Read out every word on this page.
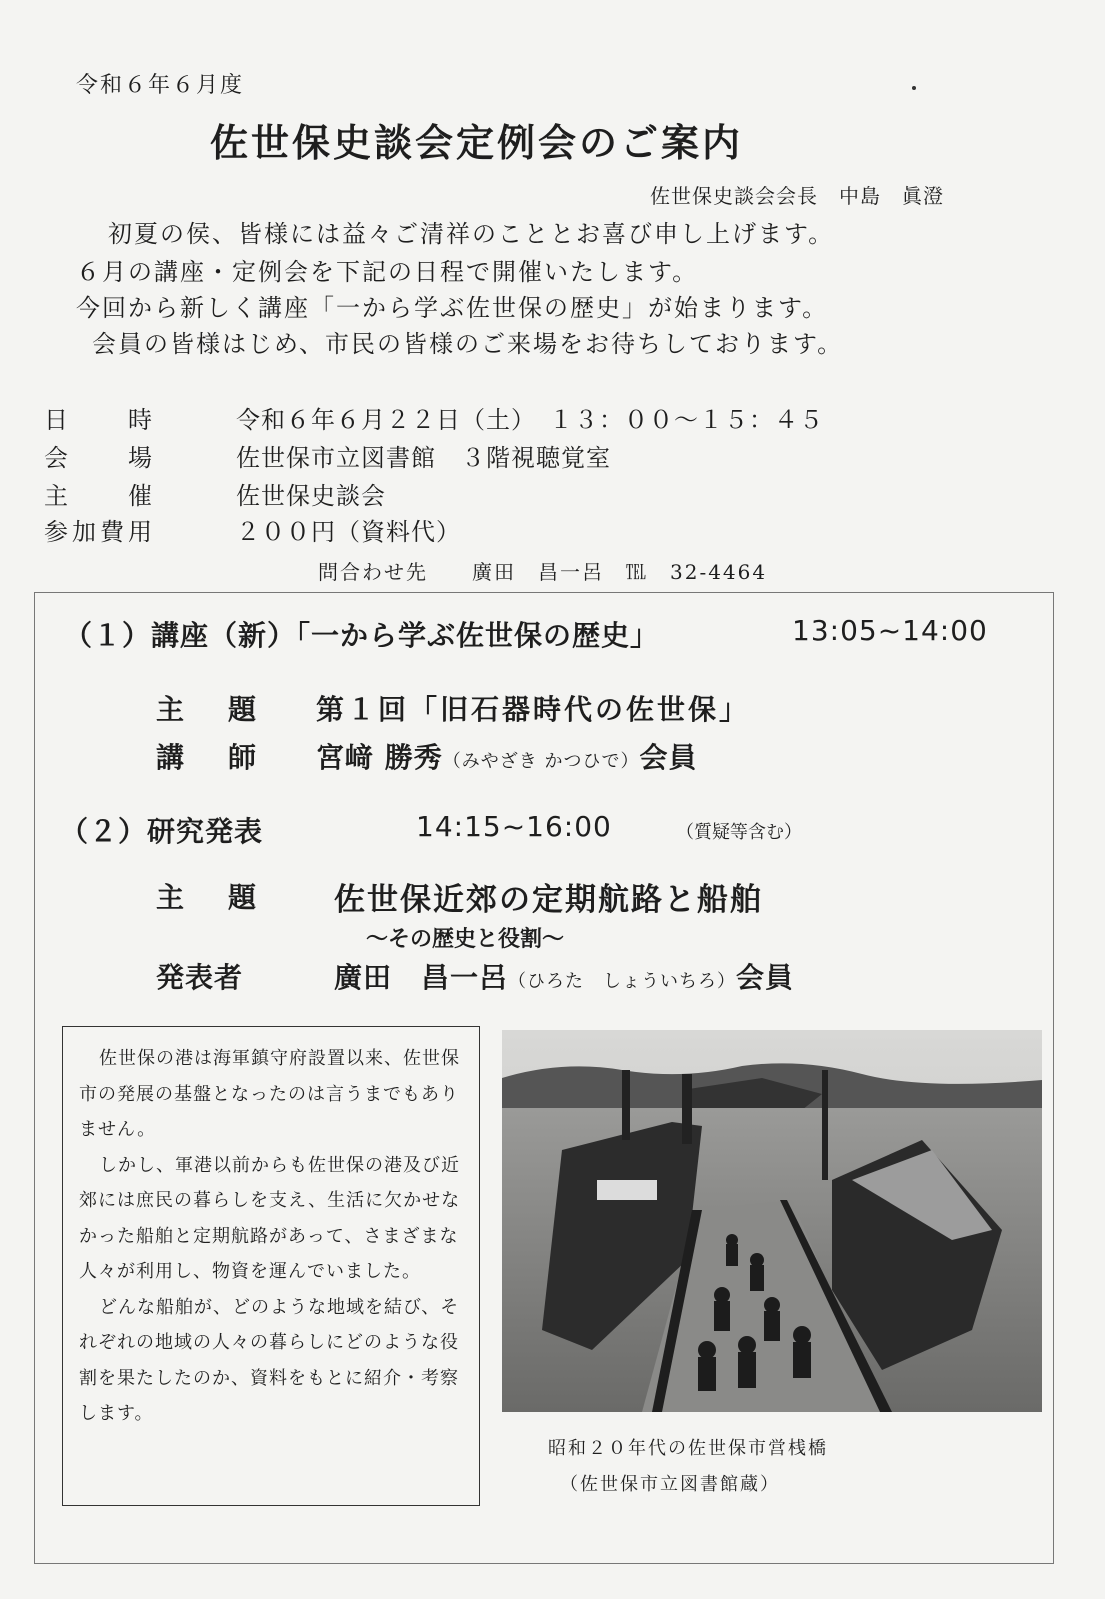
令和６年６月度
佐世保史談会定例会のご案内
佐世保史談会会長　中島　眞澄
初夏の侯、皆様には益々ご清祥のこととお喜び申し上げます。
６月の講座・定例会を下記の日程で開催いたします。
今回から新しく講座「一から学ぶ佐世保の歴史」が始まります。
会員の皆様はじめ、市民の皆様のご来場をお待ちしております。
日時 令和６年６月２２日（土）　１３：００〜１５：４５
会場 佐世保市立図書館　３階視聴覚室
主催 佐世保史談会
参加費用	２００円（資料代）
問合わせ先　　廣田　昌一呂　℡　32-4464
（１）講座（新）「一から学ぶ佐世保の歴史」	13:05~14:00
主　題 第１回「旧石器時代の佐世保」
講　師 宮﨑 勝秀（みやざき かつひで）会員
（２）研究発表	14:15~16:00	（質疑等含む）
主　題 佐世保近郊の定期航路と船舶
〜その歴史と役割〜
発表者	廣田　昌一呂（ひろた　しょういちろ）会員

佐世保の港は海軍鎮守府設置以来、佐世保市の発展の基盤となったのは言うまでもありません。

しかし、軍港以前からも佐世保の港及び近郊には庶民の暮らしを支え、生活に欠かせなかった船舶と定期航路があって、さまざまな人々が利用し、物資を運んでいました。

どんな船舶が、どのような地域を結び、それぞれの地域の人々の暮らしにどのような役割を果たしたのか、資料をもとに紹介・考察します。

昭和２０年代の佐世保市営桟橋
（佐世保市立図書館蔵）
